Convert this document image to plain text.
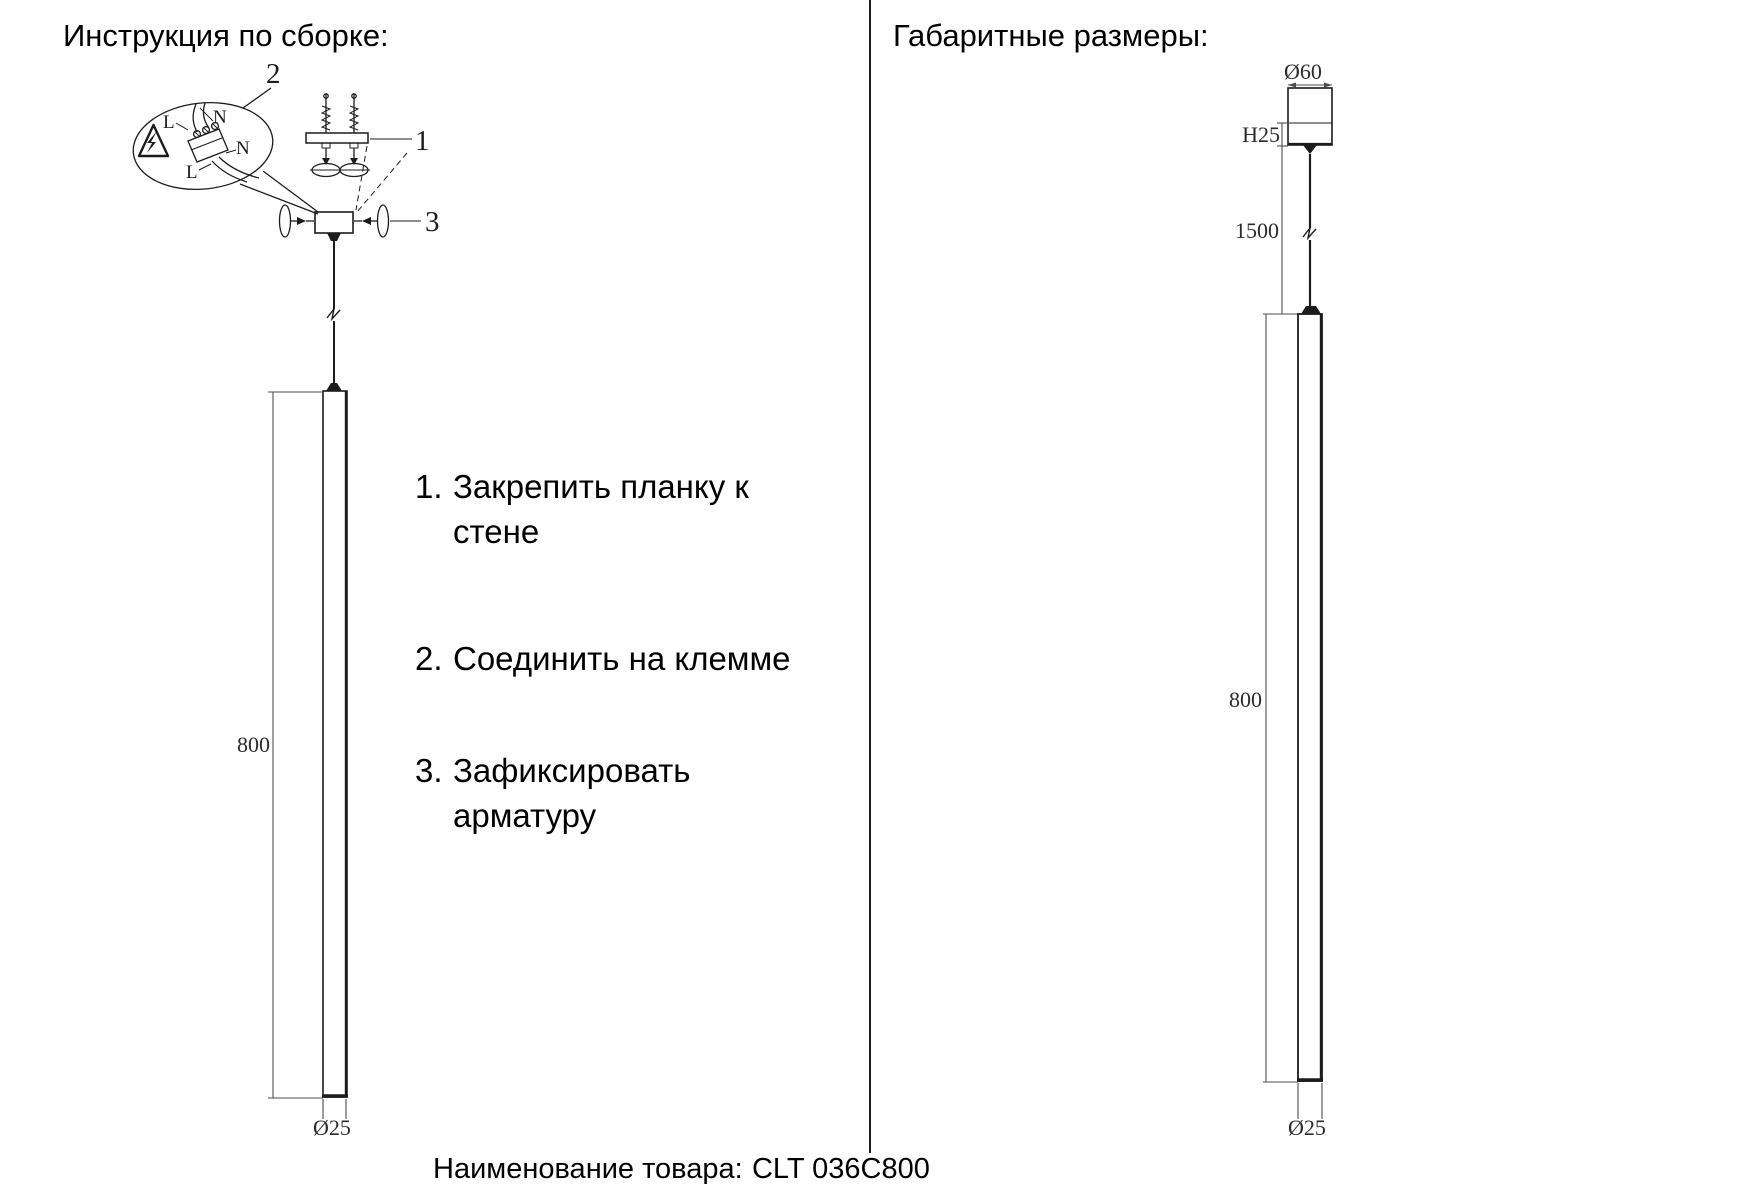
Инструкция по сборке:	Габаритные размеры:
2
1
3
L N
N
L
800
Ø25
Ø60
H25
1500
800
Ø25
1. Закрепить планку к
стене
2. Соединить на клемме
3. Зафиксировать
арматуру
Наименование товара: CLT 036C800
